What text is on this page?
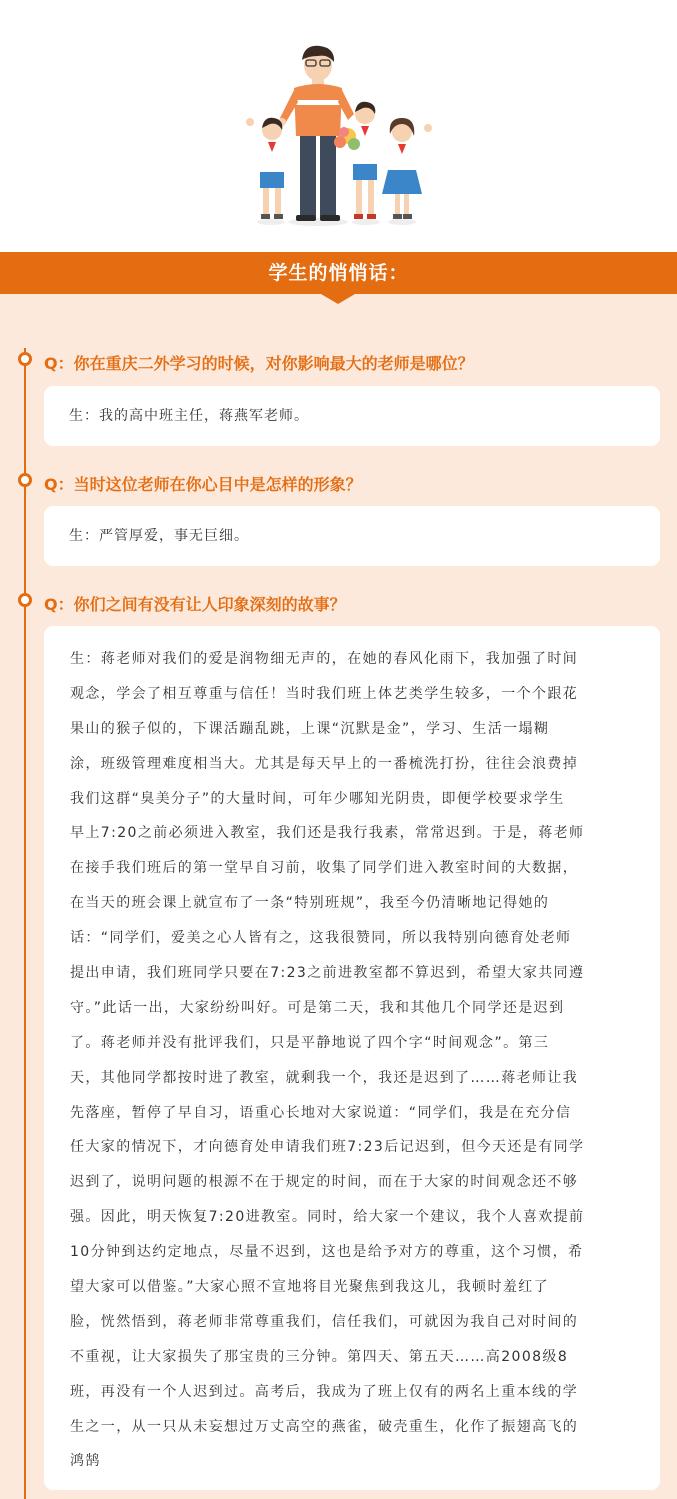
学生的悄悄话：
Q：你在重庆二外学习的时候，对你影响最大的老师是哪位？
生：我的高中班主任，蒋燕军老师。
Q：当时这位老师在你心目中是怎样的形象？
生：严管厚爱，事无巨细。
Q：你们之间有没有让人印象深刻的故事？
生：蒋老师对我们的爱是润物细无声的，在她的春风化雨下，我加强了时间
观念，学会了相互尊重与信任！当时我们班上体艺类学生较多，一个个跟花
果山的猴子似的，下课活蹦乱跳，上课“沉默是金”，学习、生活一塌糊
涂，班级管理难度相当大。尤其是每天早上的一番梳洗打扮，往往会浪费掉
我们这群“臭美分子”的大量时间，可年少哪知光阴贵，即便学校要求学生
早上7:20之前必须进入教室，我们还是我行我素，常常迟到。于是，蒋老师
在接手我们班后的第一堂早自习前，收集了同学们进入教室时间的大数据，
在当天的班会课上就宣布了一条“特别班规”，我至今仍清晰地记得她的
话：“同学们，爱美之心人皆有之，这我很赞同，所以我特别向德育处老师
提出申请，我们班同学只要在7:23之前进教室都不算迟到，希望大家共同遵
守。”此话一出，大家纷纷叫好。可是第二天，我和其他几个同学还是迟到
了。蒋老师并没有批评我们，只是平静地说了四个字“时间观念”。第三
天，其他同学都按时进了教室，就剩我一个，我还是迟到了……蒋老师让我
先落座，暂停了早自习，语重心长地对大家说道：“同学们，我是在充分信
任大家的情况下，才向德育处申请我们班7:23后记迟到，但今天还是有同学
迟到了，说明问题的根源不在于规定的时间，而在于大家的时间观念还不够
强。因此，明天恢复7:20进教室。同时，给大家一个建议，我个人喜欢提前
10分钟到达约定地点，尽量不迟到，这也是给予对方的尊重，这个习惯，希
望大家可以借鉴。”大家心照不宣地将目光聚焦到我这儿，我顿时羞红了
脸，恍然悟到，蒋老师非常尊重我们，信任我们，可就因为我自己对时间的
不重视，让大家损失了那宝贵的三分钟。第四天、第五天……高2008级8
班，再没有一个人迟到过。高考后，我成为了班上仅有的两名上重本线的学
生之一，从一只从未妄想过万丈高空的燕雀，破壳重生，化作了振翅高飞的
鸿鹄
